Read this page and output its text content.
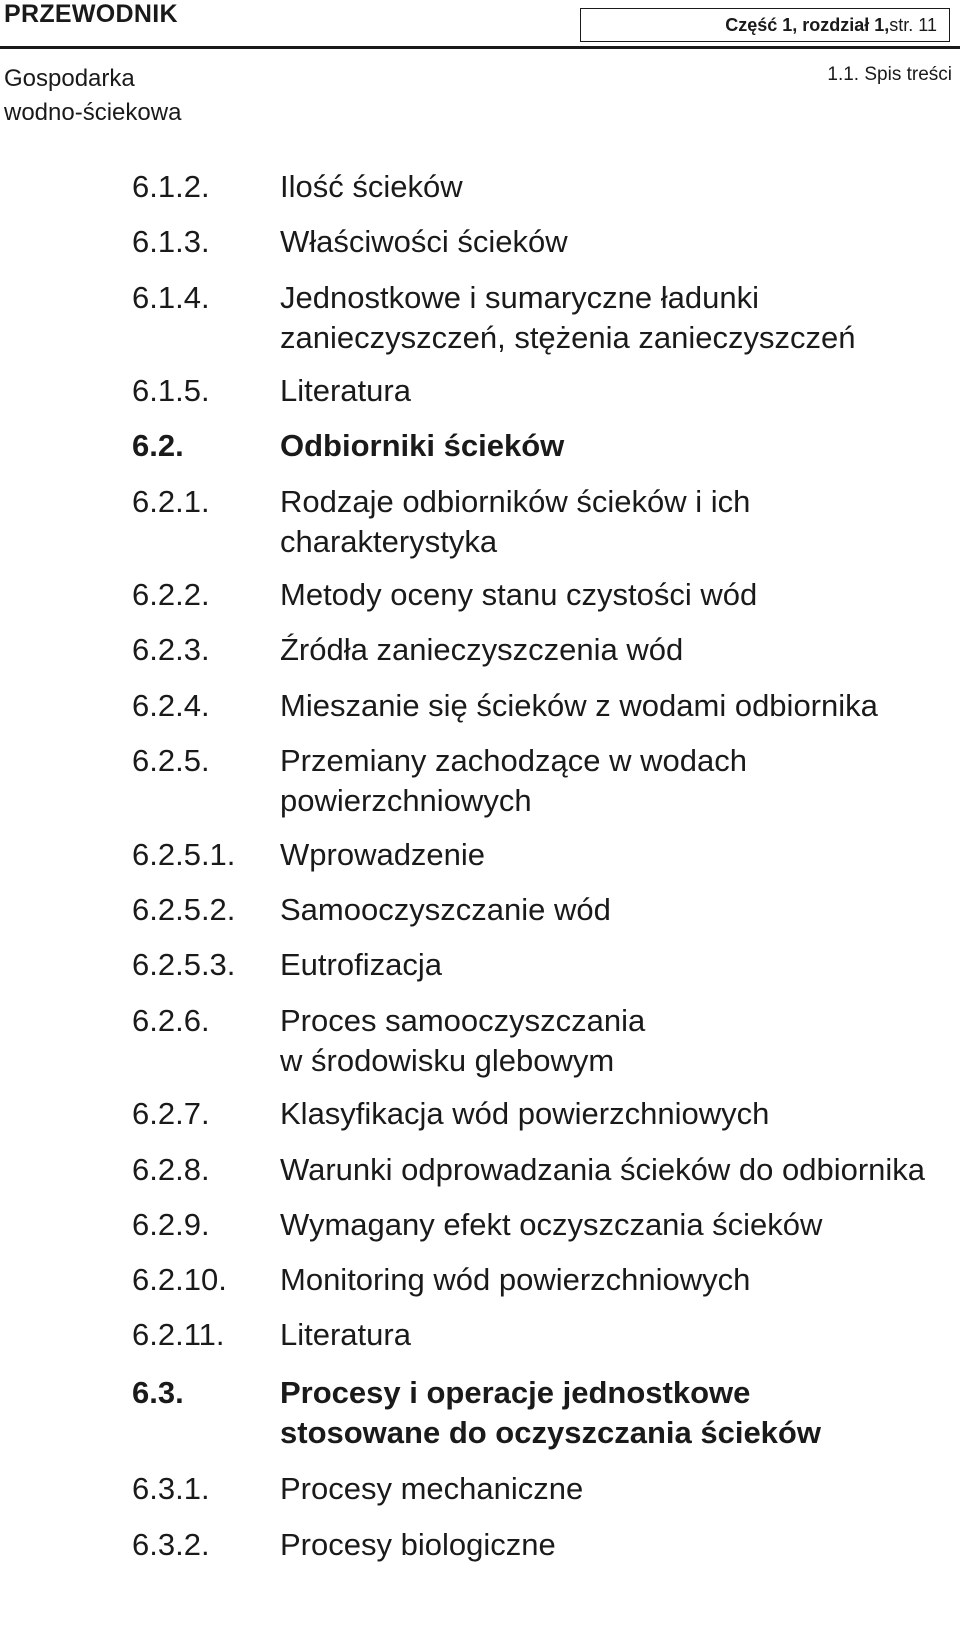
PRZEWODNIK	Część 1, rozdział 1, str. 11
Gospodarka
wodno-ściekowa
1.1. Spis treści
6.1.2. Ilość ścieków
6.1.3. Właściwości ścieków
6.1.4. Jednostkowe i sumaryczne ładunki
zanieczyszczeń, stężenia zanieczyszczeń
6.1.5. Literatura
6.2.	Odbiorniki ścieków
6.2.1. Rodzaje odbiorników ścieków i ich
charakterystyka
6.2.2. Metody oceny stanu czystości wód
6.2.3. Źródła zanieczyszczenia wód
6.2.4. Mieszanie się ścieków z wodami odbiornika
6.2.5. Przemiany zachodzące w wodach
powierzchniowych
6.2.5.1. Wprowadzenie
6.2.5.2. Samooczyszczanie wód
6.2.5.3. Eutrofizacja
6.2.6. Proces samooczyszczania
w środowisku glebowym
6.2.7. Klasyfikacja wód powierzchniowych
6.2.8. Warunki odprowadzania ścieków do odbiornika
6.2.9. Wymagany efekt oczyszczania ścieków
6.2.10. Monitoring wód powierzchniowych
6.2.11. Literatura
6.3.	Procesy i operacje jednostkowe
stosowane do oczyszczania ścieków
6.3.1. Procesy mechaniczne
6.3.2. Procesy biologiczne
